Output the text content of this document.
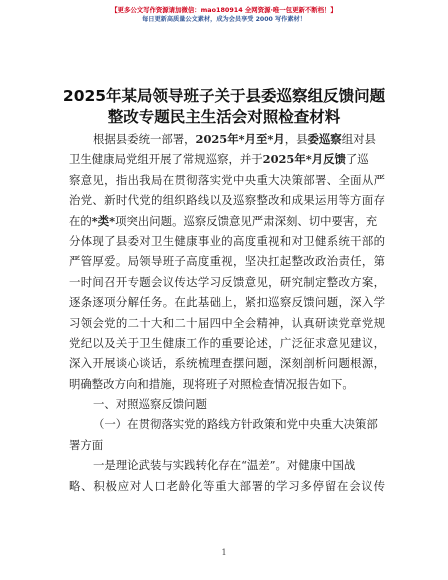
【更多公文写作资源请加微信：mao180914 全网资源·唯一包更新不断档！】
每日更新高质量公文素材，成为会员享受 2000 写作素材！
2025年某局领导班子关于县委巡察组反馈问题
整改专题民主生活会对照检查材料
根据县委统一部署，2025年*月至*月，县委巡察组对县
卫生健康局党组开展了常规巡察，并于2025年*月反馈了巡
察意见，指出我局在贯彻落实党中央重大决策部署、全面从严
治党、新时代党的组织路线以及巡察整改和成果运用等方面存
在的*类*项突出问题。巡察反馈意见严肃深刻、切中要害，充
分体现了县委对卫生健康事业的高度重视和对卫健系统干部的
严管厚爱。局领导班子高度重视，坚决扛起整改政治责任，第
一时间召开专题会议传达学习反馈意见，研究制定整改方案，
逐条逐项分解任务。在此基础上，紧扣巡察反馈问题，深入学
习领会党的二十大和二十届四中全会精神，认真研读党章党规
党纪以及关于卫生健康工作的重要论述，广泛征求意见建议，
深入开展谈心谈话，系统梳理查摆问题，深刻剖析问题根源，
明确整改方向和措施，现将班子对照检查情况报告如下。
一、对照巡察反馈问题
（一）在贯彻落实党的路线方针政策和党中央重大决策部
署方面
一是理论武装与实践转化存在“温差”。对健康中国战
略、积极应对人口老龄化等重大部署的学习多停留在会议传
1
